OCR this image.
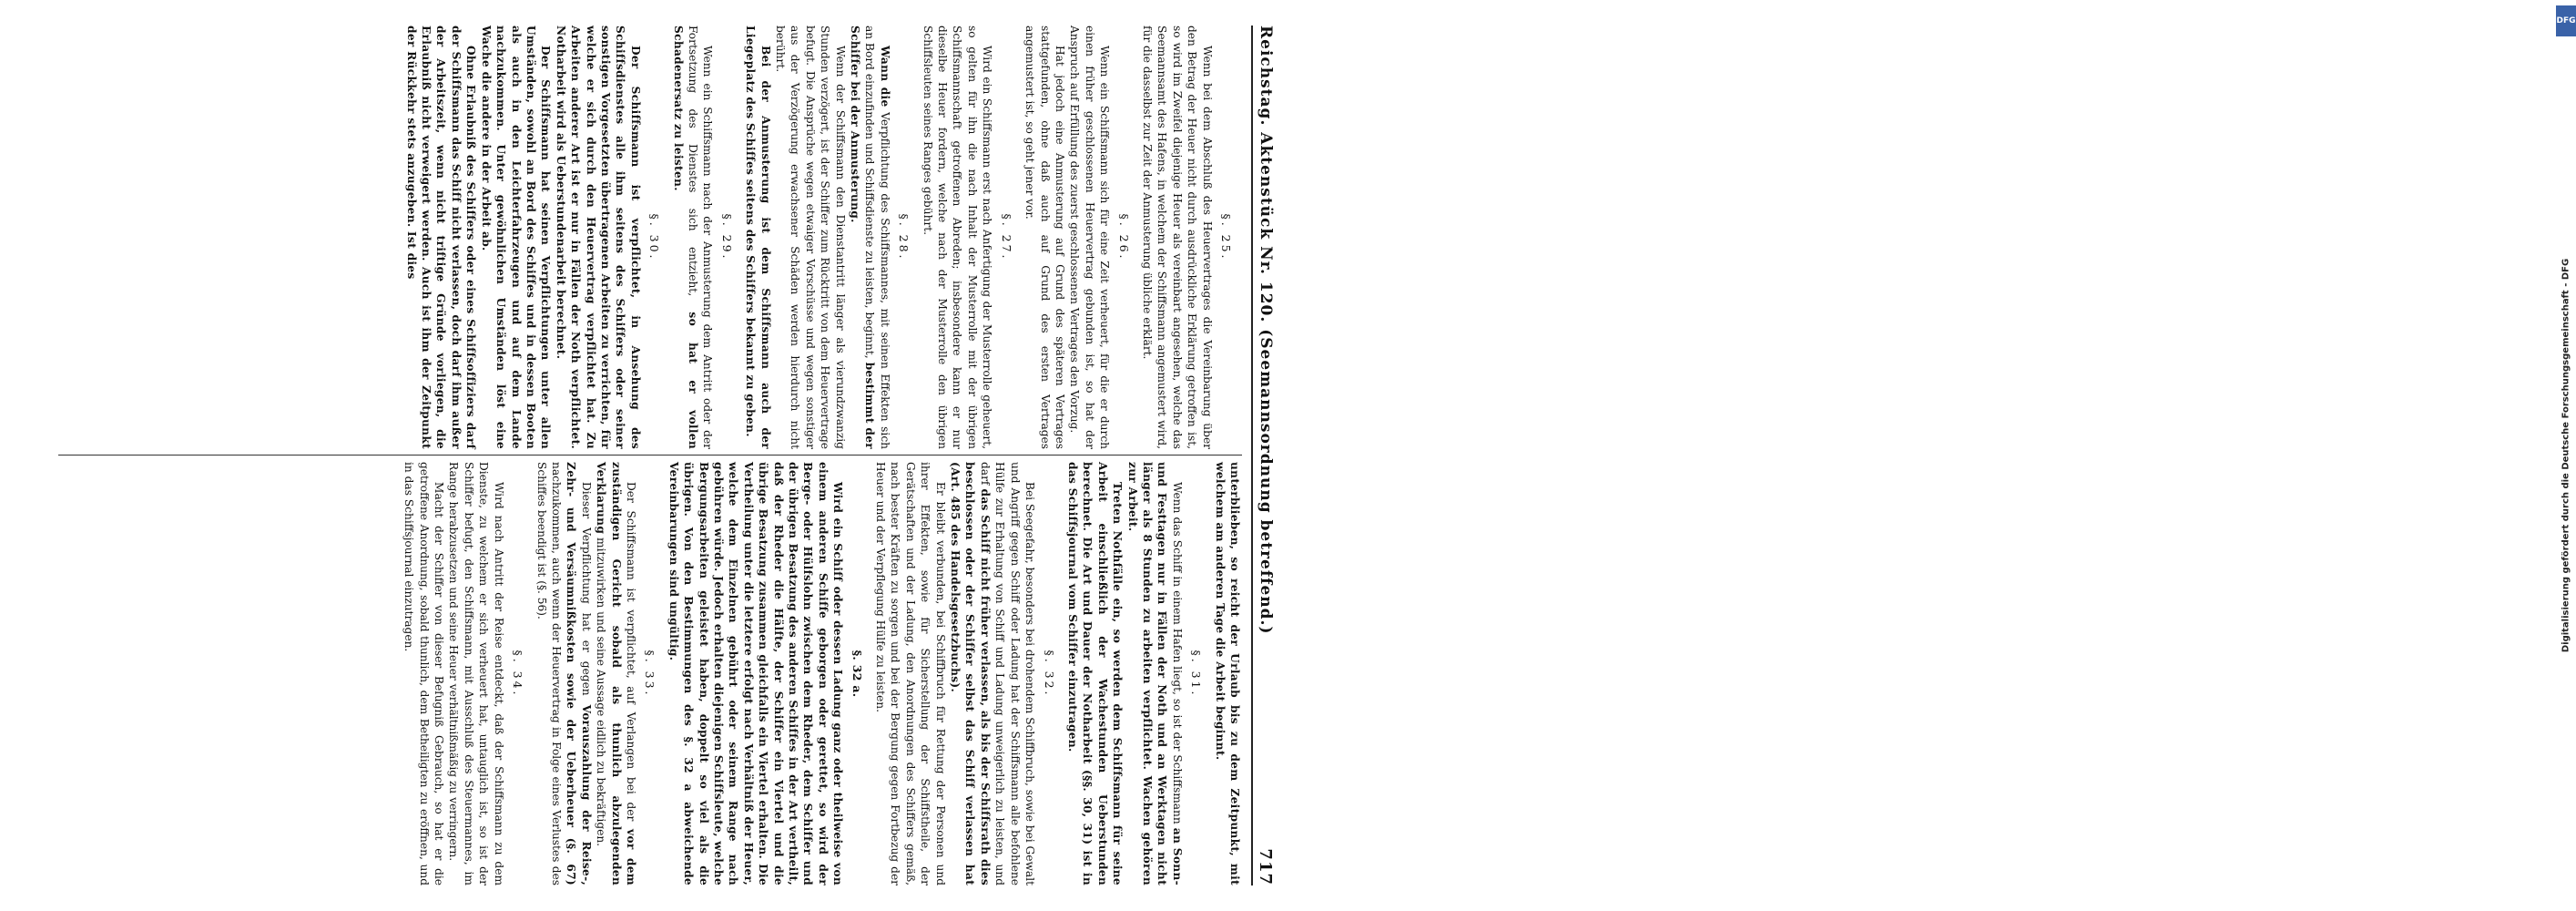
Reichstag. Aktenstück Nr. 120. (Seemannsordnung betreffend.)
717
§. 25.

Wenn bei dem Abschluß des Heuervertrages die Vereinbarung über den Betrag der Heuer nicht durch ausdrückliche Erklärung getroffen ist, so wird im Zweifel diejenige Heuer als vereinbart angesehen, welche das Seemannsamt des Hafens, in welchem der Schiffsmann angemustert wird, für die dasselbst zur Zeit der Anmusterung übliche erklärt.

§. 26.

Wenn ein Schiffsmann sich für eine Zeit verheuert, für die er durch einen früher geschlossenen Heuervertrag gebunden ist, so hat der Anspruch auf Erfüllung des zuerst geschlossenen Vertrages den Vorzug.

Hat jedoch eine Anmusterung auf Grund des späteren Vertrages stattgefunden, ohne daß auch auf Grund des ersten Vertrages angemustert ist, so geht jener vor.

§. 27.

Wird ein Schiffsmann erst nach Anfertigung der Musterrolle geheuert, so gelten für ihn die nach Inhalt der Musterrolle mit der übrigen Schiffsmannschaft getroffenen Abreden; insbesondere kann er nur dieselbe Heuer fordern, welche nach der Musterrolle den übrigen Schiffsleuten seines Ranges gebührt.

§. 28.

Wann die Verpflichtung des Schiffsmannes, mit seinen Effekten sich an Bord einzufinden und Schiffsdienste zu leisten, beginnt, bestimmt der Schiffer bei der Anmusterung.

Wenn der Schiffsmann den Dienstantritt länger als vierundzwanzig Stunden verzögert, ist der Schiffer zum Rücktritt von dem Heuervertrage befugt. Die Ansprüche wegen etwaiger Vorschüsse und wegen sonstiger aus der Verzögerung erwachsener Schäden werden hierdurch nicht berührt.

Bei der Anmusterung ist dem Schiffsmann auch der Liegeplatz des Schiffes seitens des Schiffers bekannt zu geben.

§. 29.

Wenn ein Schiffsmann nach der Anmusterung dem Antritt oder der Fortsetzung des Dienstes sich entzieht, so hat er vollen Schadenersatz zu leisten.

§. 30.

Der Schiffsmann ist verpflichtet, in Ansehung des Schiffsdienstes alle ihm seitens des Schiffers oder seiner sonstigen Vorgesetzten übertragenen Arbeiten zu verrichten, für welche er sich durch den Heuervertrag verpflichtet hat. Zu Arbeiten anderer Art ist er nur in Fällen der Noth verpflichtet. Notharbeit wird als Ueberstundenarbeit berechnet.

Der Schiffsmann hat seinen Verpflichtungen unter allen Umständen, sowohl an Bord des Schiffes und in dessen Booten als auch in den Leichterfahrzeugen und auf dem Lande nachzukommen. Unter gewöhnlichen Umständen löst eine Wache die andere in der Arbeit ab.

Ohne Erlaubniß des Schiffers oder eines Schiffsoffiziers darf der Schiffsmann das Schiff nicht verlassen, doch darf ihm außer der Arbeitszeit, wenn nicht triftige Gründe vorliegen, die Erlaubniß nicht verweigert werden. Auch ist ihm der Zeitpunkt der Rückkehr stets anzugeben. Ist dies

unterblieben, so reicht der Urlaub bis zu dem Zeitpunkt, mit welchem am anderen Tage die Arbeit beginnt.

§. 31.

Wenn das Schiff in einem Hafen liegt, so ist der Schiffsmann an Sonn- und Festtagen nur in Fällen der Noth und an Werktagen nicht länger als 8 Stunden zu arbeiten verpflichtet. Wachen gehören zur Arbeit.

Treten Nothfälle ein, so werden dem Schiffsmann für seine Arbeit einschließlich der Wachestunden Ueberstunden berechnet. Die Art und Dauer der Notharbeit (§§. 30, 31) ist in das Schiffsjournal vom Schiffer einzutragen.

§. 32.

Bei Seegefahr, besonders bei drohendem Schiffbruch, sowie bei Gewalt und Angriff gegen Schiff oder Ladung hat der Schiffsmann alle befohlene Hülfe zur Erhaltung von Schiff und Ladung unweigerlich zu leisten, und darf das Schiff nicht früher verlassen, als bis der Schiffsrath dies beschlossen oder der Schiffer selbst das Schiff verlassen hat (Art. 485 des Handelsgesetzbuchs).

Er bleibt verbunden, bei Schiffbruch für Rettung der Personen und ihrer Effekten, sowie für Sicherstellung der Schiffstheile, der Gerätschaften und der Ladung, den Anordnungen des Schiffers gemäß, nach bester Kräften zu sorgen und bei der Bergung gegen Fortbezug der Heuer und der Verpflegung Hülfe zu leisten.

§. 32 a.

Wird ein Schiff oder dessen Ladung ganz oder theilweise von einem anderen Schiffe geborgen oder gerettet, so wird der Berge- oder Hülfslohn zwischen dem Rheder, dem Schiffer und der übrigen Besatzung des anderen Schiffes in der Art vertheilt, daß der Rheder die Hälfte, der Schiffer ein Viertel und die übrige Besatzung zusammen gleichfalls ein Viertel erhalten. Die Vertheilung unter die letztere erfolgt nach Verhältniß der Heuer, welche dem Einzelnen gebührt oder seinem Range nach gebühren würde. Jedoch erhalten diejenigen Schiffsleute, welche Bergungsarbeiten geleistet haben, doppelt so viel als die übrigen. Von den Bestimmungen des §. 32 a abweichende Vereinbarungen sind ungültig.

§. 33.

Der Schiffsmann ist verpflichtet, auf Verlangen bei der vor dem zuständigen Gericht sobald als thunlich abzulegenden Verklarung mitzuwirken und seine Aussage eidlich zu bekräftigen.

Dieser Verpflichtung hat er gegen Vorauszahlung der Reise-, Zehr- und Versäumnißkosten sowie der Ueberheuer (§. 67) nachzukommen, auch wenn der Heuervertrag in Folge eines Verlustes des Schiffes beendigt ist (§. 56).

§. 34.

Wird nach Antritt der Reise entdeckt, daß der Schiffsmann zu dem Dienste, zu welchem er sich verheuert hat, untauglich ist, so ist der Schiffer befugt, den Schiffsmann, mit Ausschluß des Steuermannes, im Range herabzusetzen und seine Heuer verhältnißmäßig zu verringern.

Macht der Schiffer von dieser Befugniß Gebrauch, so hat er die getroffene Anordnung, sobald thunlich, dem Betheiligten zu eröffnen, und in das Schiffsjournal einzutragen.

DFG
Digitalisierung gefördert durch die Deutsche Forschungsgemeinschaft - DFG
